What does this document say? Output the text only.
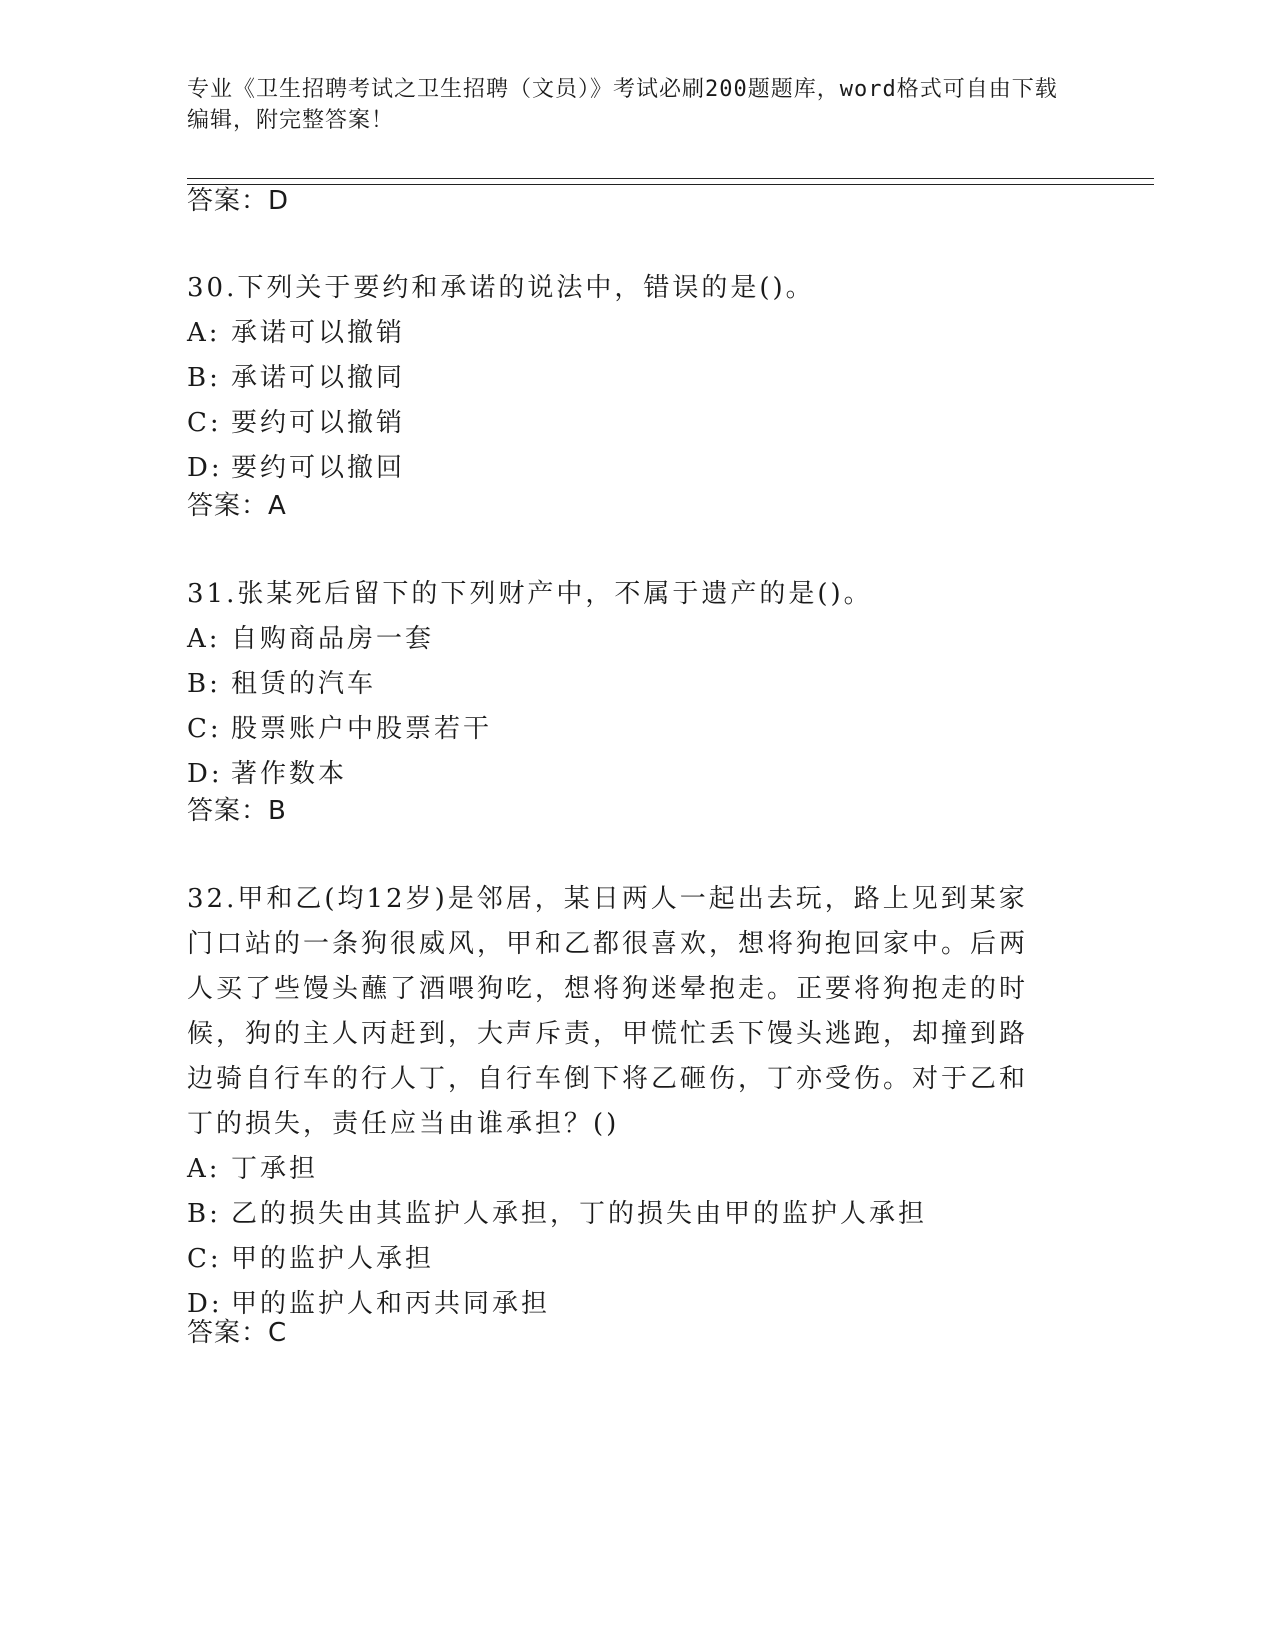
专业《卫生招聘考试之卫生招聘（文员）》考试必刷200题题库，word格式可自由下载编辑，附完整答案！
答案：D

30.下列关于要约和承诺的说法中，错误的是()。

A: 承诺可以撤销
B: 承诺可以撤同
C: 要约可以撤销
D: 要约可以撤回
答案：A

31.张某死后留下的下列财产中，不属于遗产的是()。

A: 自购商品房一套
B: 租赁的汽车
C: 股票账户中股票若干
D: 著作数本
答案：B

32.甲和乙(均12岁)是邻居，某日两人一起出去玩，路上见到某家门口站的一条狗很威风，甲和乙都很喜欢，想将狗抱回家中。后两人买了些馒头蘸了酒喂狗吃，想将狗迷晕抱走。正要将狗抱走的时候，狗的主人丙赶到，大声斥责，甲慌忙丢下馒头逃跑，却撞到路边骑自行车的行人丁，自行车倒下将乙砸伤，丁亦受伤。对于乙和丁的损失，责任应当由谁承担？()

A: 丁承担
B: 乙的损失由其监护人承担，丁的损失由甲的监护人承担
C: 甲的监护人承担
D: 甲的监护人和丙共同承担
答案：C
